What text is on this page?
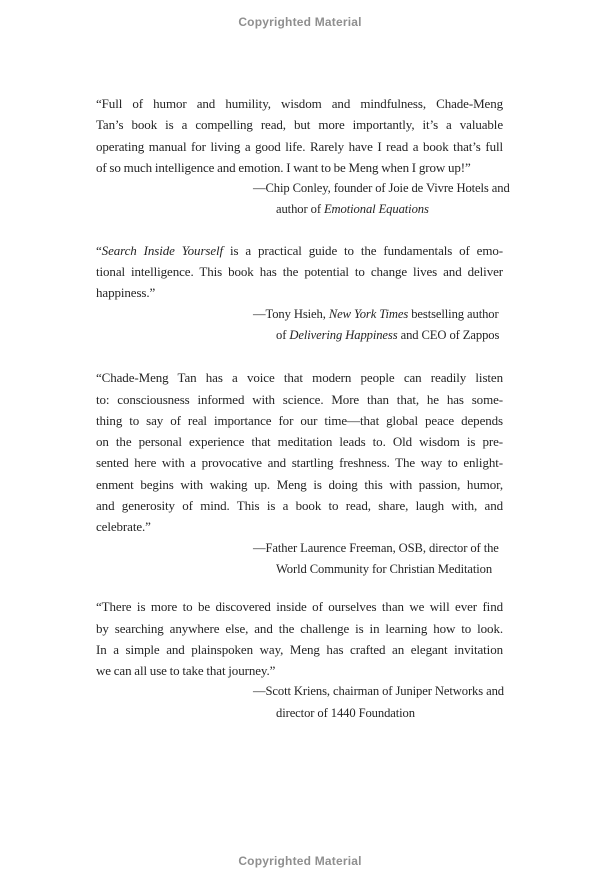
Copyrighted Material
“Full of humor and humility, wisdom and mindfulness, Chade-Meng
Tan’s book is a compelling read, but more importantly, it’s a valuable
operating manual for living a good life. Rarely have I read a book that’s full
of so much intelligence and emotion. I want to be Meng when I grow up!”
—Chip Conley, founder of Joie de Vivre Hotels and
author of Emotional Equations
“Search Inside Yourself is a practical guide to the fundamentals of emo-
tional intelligence. This book has the potential to change lives and deliver
happiness.”
—Tony Hsieh, New York Times bestselling author
of Delivering Happiness and CEO of Zappos
“Chade-Meng Tan has a voice that modern people can readily listen
to: consciousness informed with science. More than that, he has some-
thing to say of real importance for our time—that global peace depends
on the personal experience that meditation leads to. Old wisdom is pre-
sented here with a provocative and startling freshness. The way to enlight-
enment begins with waking up. Meng is doing this with passion, humor,
and generosity of mind. This is a book to read, share, laugh with, and
celebrate.”
—Father Laurence Freeman, OSB, director of the
World Community for Christian Meditation
“There is more to be discovered inside of ourselves than we will ever find
by searching anywhere else, and the challenge is in learning how to look.
In a simple and plainspoken way, Meng has crafted an elegant invitation
we can all use to take that journey.”
—Scott Kriens, chairman of Juniper Networks and
director of 1440 Foundation
Copyrighted Material
